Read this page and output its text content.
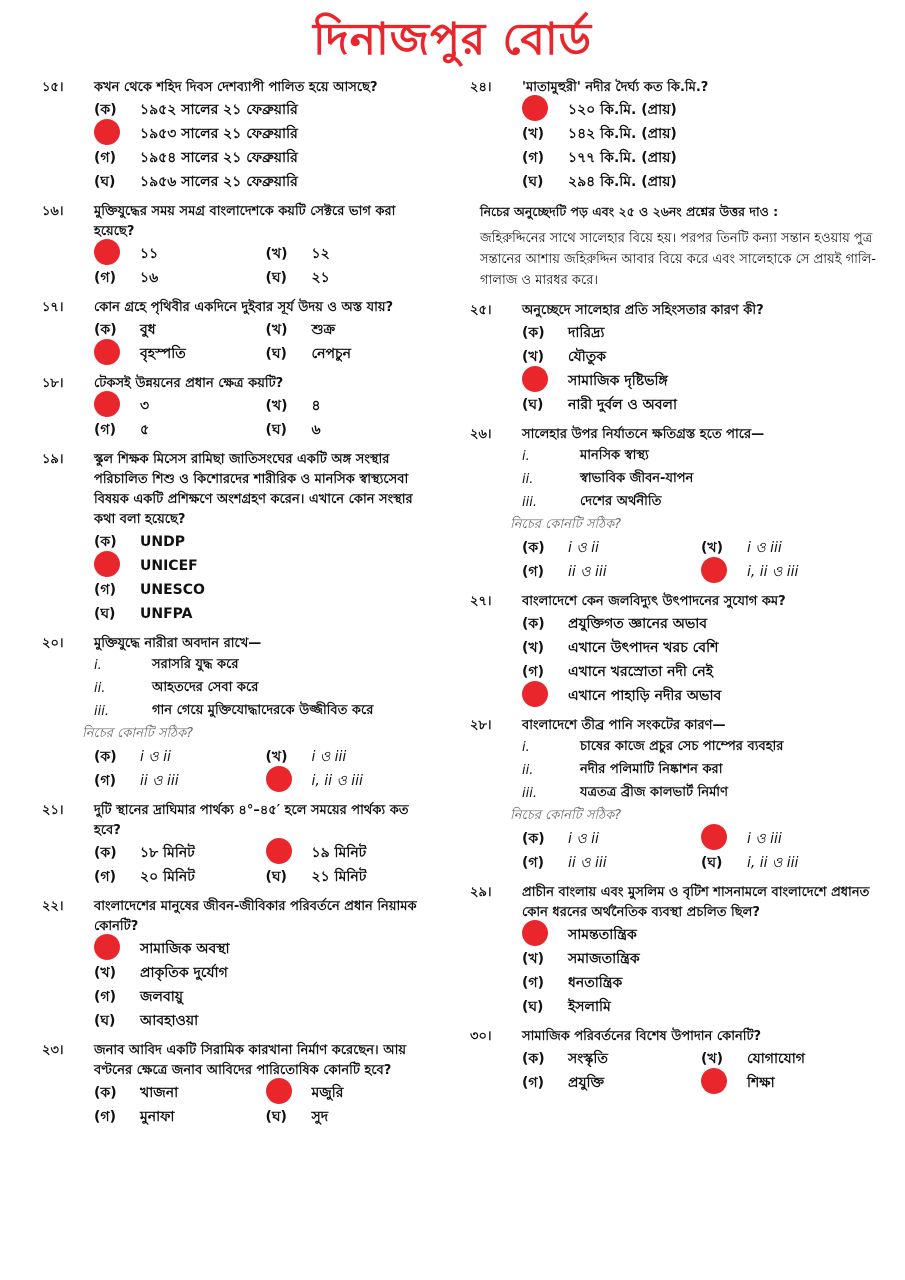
দিনাজপুর বোর্ড
১৫।	কখন থেকে শহিদ দিবস দেশব্যাপী পালিত হয়ে আসছে?
(ক)	১৯৫২ সালের ২১ ফেব্রুয়ারি
১৯৫৩ সালের ২১ ফেব্রুয়ারি
(গ)	১৯৫৪ সালের ২১ ফেব্রুয়ারি
(ঘ)	১৯৫৬ সালের ২১ ফেব্রুয়ারি
১৬।	মুক্তিযুদ্ধের সময় সমগ্র বাংলাদেশকে কয়টি সেক্টরে ভাগ করা হয়েছে?
১১	(খ)	১২
(গ)	১৬	(ঘ)	২১
১৭।	কোন গ্রহে পৃথিবীর একদিনে দুইবার সূর্য উদয় ও অস্ত যায়?
(ক)	বুধ	(খ)	শুক্র
বৃহস্পতি	(ঘ)	নেপচুন
১৮।	টেকসই উন্নয়নের প্রধান ক্ষেত্র কয়টি?
৩	(খ)	৪
(গ)	৫	(ঘ)	৬
১৯।	স্কুল শিক্ষক মিসেস রামিছা জাতিসংঘের একটি অঙ্গ সংস্থার পরিচালিত শিশু ও কিশোরদের শারীরিক ও মানসিক স্বাস্থ্যসেবা বিষয়ক একটি প্রশিক্ষণে অংশগ্রহণ করেন। এখানে কোন সংস্থার কথা বলা হয়েছে?
(ক)	UNDP
UNICEF
(গ)	UNESCO
(ঘ)	UNFPA
২০।	মুক্তিযুদ্ধে নারীরা অবদান রাখে—
i.	সরাসরি যুদ্ধ করে
ii.	আহতদের সেবা করে
iii.	গান গেয়ে মুক্তিযোদ্ধাদেরকে উজ্জীবিত করে
নিচের কোনটি সঠিক?
(ক)	i ও ii	(খ)	i ও iii
(গ)	ii ও iii	i, ii ও iii
২১।	দুটি স্থানের দ্রাঘিমার পার্থক্য ৪°–৪৫′ হলে সময়ের পার্থক্য কত হবে?
(ক)	১৮ মিনিট	১৯ মিনিট
(গ)	২০ মিনিট	(ঘ)	২১ মিনিট
২২।	বাংলাদেশের মানুষের জীবন-জীবিকার পরিবর্তনে প্রধান নিয়ামক কোনটি?
সামাজিক অবস্থা
(খ)	প্রাকৃতিক দুর্যোগ
(গ)	জলবায়ু
(ঘ)	আবহাওয়া
২৩।	জনাব আবিদ একটি সিরামিক কারখানা নির্মাণ করেছেন। আয় বণ্টনের ক্ষেত্রে জনাব আবিদের পারিতোষিক কোনটি হবে?
(ক)	খাজনা	মজুরি
(গ)	মুনাফা	(ঘ)	সুদ
২৪।	'মাতামুহুরী' নদীর দৈর্ঘ্য কত কি.মি.?
১২০ কি.মি. (প্রায়)
(খ)	১৪২ কি.মি. (প্রায়)
(গ)	১৭৭ কি.মি. (প্রায়)
(ঘ)	২৯৪ কি.মি. (প্রায়)
নিচের অনুচ্ছেদটি পড় এবং ২৫ ও ২৬নং প্রশ্নের উত্তর দাও :
জহিরুদ্দিনের সাথে সালেহার বিয়ে হয়। পরপর তিনটি কন্যা সন্তান হওয়ায় পুত্র সন্তানের আশায় জহিরুদ্দিন আবার বিয়ে করে এবং সালেহাকে সে প্রায়ই গালি-গালাজ ও মারধর করে।
২৫।	অনুচ্ছেদে সালেহার প্রতি সহিংসতার কারণ কী?
(ক)	দারিদ্র্য
(খ)	যৌতুক
সামাজিক দৃষ্টিভঙ্গি
(ঘ)	নারী দুর্বল ও অবলা
২৬।	সালেহার উপর নির্যাতনে ক্ষতিগ্রস্ত হতে পারে—
i.	মানসিক স্বাস্থ্য
ii.	স্বাভাবিক জীবন-যাপন
iii.	দেশের অর্থনীতি
নিচের কোনটি সঠিক?
(ক)	i ও ii	(খ)	i ও iii
(গ)	ii ও iii	i, ii ও iii
২৭।	বাংলাদেশে কেন জলবিদ্যুৎ উৎপাদনের সুযোগ কম?
(ক)	প্রযুক্তিগত জ্ঞানের অভাব
(খ)	এখানে উৎপাদন খরচ বেশি
(গ)	এখানে খরস্রোতা নদী নেই
এখানে পাহাড়ি নদীর অভাব
২৮।	বাংলাদেশে তীব্র পানি সংকটের কারণ—
i.	চাষের কাজে প্রচুর সেচ পাম্পের ব্যবহার
ii.	নদীর পলিমাটি নিষ্কাশন করা
iii.	যত্রতত্র ব্রীজ কালভার্ট নির্মাণ
নিচের কোনটি সঠিক?
(ক)	i ও ii	i ও iii
(গ)	ii ও iii	(ঘ)	i, ii ও iii
২৯।	প্রাচীন বাংলায় এবং মুসলিম ও বৃটিশ শাসনামলে বাংলাদেশে প্রধানত কোন ধরনের অর্থনৈতিক ব্যবস্থা প্রচলিত ছিল?
সামন্ততান্ত্রিক
(খ)	সমাজতান্ত্রিক
(গ)	ধনতান্ত্রিক
(ঘ)	ইসলামি
৩০।	সামাজিক পরিবর্তনের বিশেষ উপাদান কোনটি?
(ক)	সংস্কৃতি	(খ)	যোগাযোগ
(গ)	প্রযুক্তি	শিক্ষা
